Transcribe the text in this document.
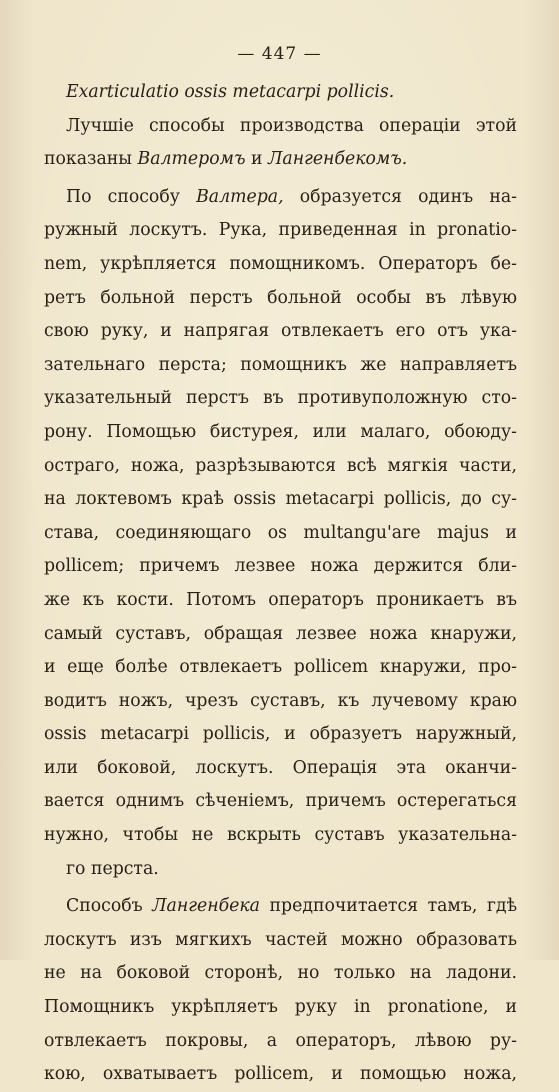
— 447 —
Exarticulatio ossis metacarpi pollicis.
Лучшіе способы производства операціи этой
показаны Валтеромъ и Лангенбекомъ.
По способу Валтера, образуется одинъ на-
ружный лоскутъ. Рука, приведенная in pronatio-
nem, укрѣпляется помощникомъ. Операторъ бе-
ретъ больной перстъ больной особы въ лѣвую
свою руку, и напрягая отвлекаетъ его отъ ука-
зательнаго перста; помощникъ же направляетъ
указательный перстъ въ противуположную сто-
рону. Помощью бистурея, или малаго, обоюду-
остраго, ножа, разрѣзываются всѣ мягкія части,
на локтевомъ краѣ ossis metacarpi pollicis, до су-
става, соединяющаго os multangu'are majus и
pollicem; причемъ лезвее ножа держится бли-
же къ кости. Потомъ операторъ проникаетъ въ
самый суставъ, обращая лезвее ножа кнаружи,
и еще болѣе отвлекаетъ pollicem кнаружи, про-
водитъ ножъ, чрезъ суставъ, къ лучевому краю
ossis metacarpi pollicis, и образуетъ наружный,
или боковой, лоскутъ. Операція эта оканчи-
вается однимъ сѣченіемъ, причемъ остерегаться
нужно, чтобы не вскрыть суставъ указательна-
го перста.
Способъ Лангенбека предпочитается тамъ, гдѣ
лоскутъ изъ мягкихъ частей можно образовать
не на боковой сторонѣ, но только на ладони.
Помощникъ укрѣпляетъ руку in pronatione, и
отвлекаетъ покровы, а операторъ, лѣвою ру-
кою, охватываетъ pollicem, и помощью ножа,
